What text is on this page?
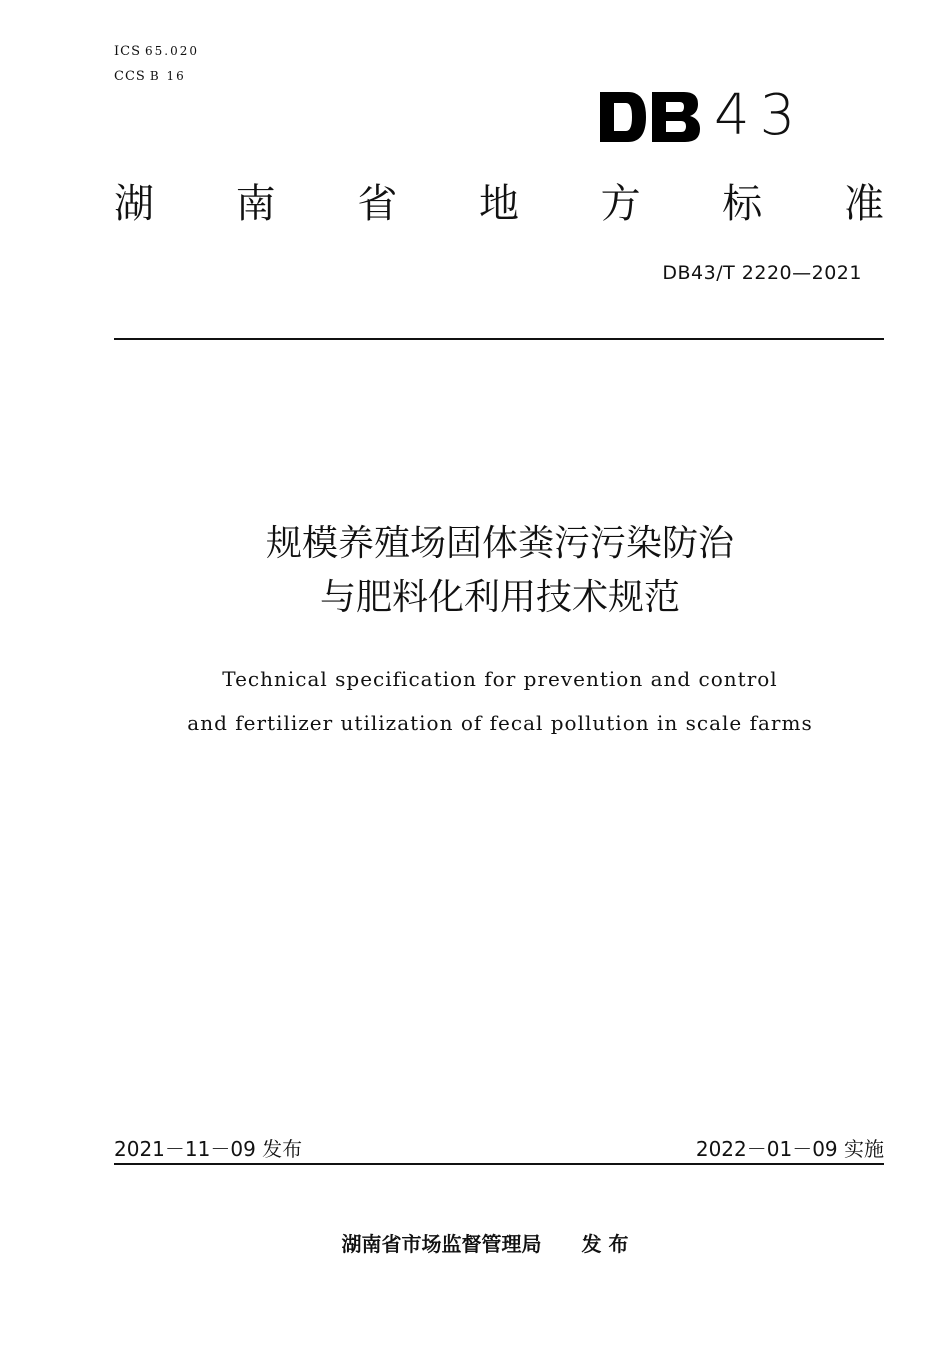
ICS 65.020
CCS B 16
43
湖 南 省 地 方 标 准
DB43/T 2220—2021
规模养殖场固体粪污污染防治
与肥料化利用技术规范
Technical specification for prevention and control
and fertilizer utilization of fecal pollution in scale farms
2021－11－09 发布	2022－01－09 实施
湖南省市场监督管理局　　发 布
